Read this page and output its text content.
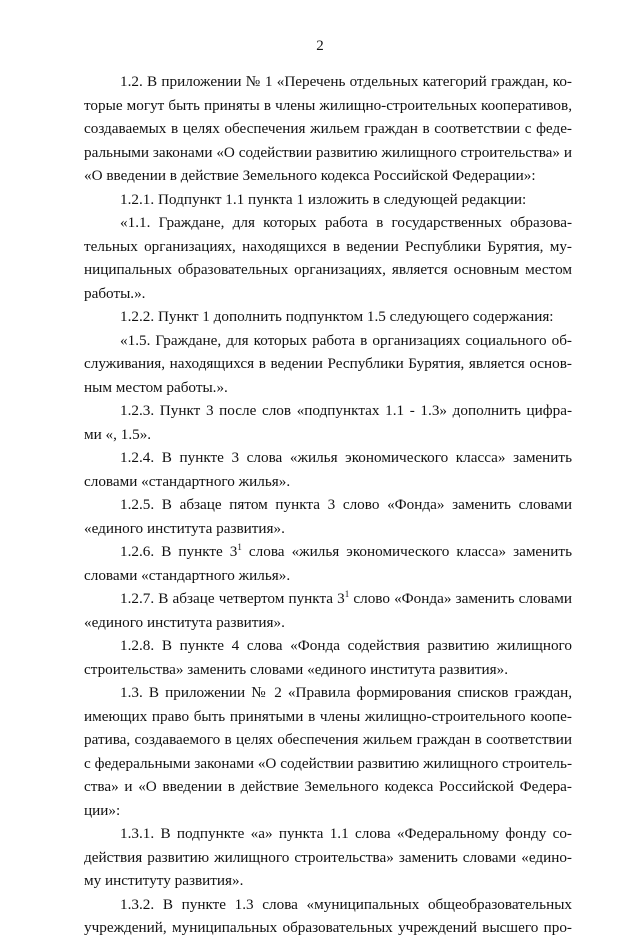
2
1.2. В приложении № 1 «Перечень отдельных категорий граждан, ко-
торые могут быть приняты в члены жилищно-строительных кооперативов,
создаваемых в целях обеспечения жильем граждан в соответствии с феде-
ральными законами «О содействии развитию жилищного строительства» и
«О введении в действие Земельного кодекса Российской Федерации»:
1.2.1. Подпункт 1.1 пункта 1 изложить в следующей редакции:
«1.1. Граждане, для которых работа в государственных образова-
тельных организациях, находящихся в ведении Республики Бурятия, му-
ниципальных образовательных организациях, является основным местом
работы.».
1.2.2. Пункт 1 дополнить подпунктом 1.5 следующего содержания:
«1.5. Граждане, для которых работа в организациях социального об-
служивания, находящихся в ведении Республики Бурятия, является основ-
ным местом работы.».
1.2.3. Пункт 3 после слов «подпунктах 1.1 - 1.3» дополнить цифра-
ми «, 1.5».
1.2.4. В пункте 3 слова «жилья экономического класса» заменить
словами «стандартного жилья».
1.2.5. В абзаце пятом пункта 3 слово «Фонда» заменить словами
«единого института развития».
1.2.6. В пункте $3^1$ слова «жилья экономического класса» заменить
словами «стандартного жилья».
1.2.7. В абзаце четвертом пункта $3^1$ слово «Фонда» заменить словами
«единого института развития».
1.2.8. В пункте 4 слова «Фонда содействия развитию жилищного
строительства» заменить словами «единого института развития».
1.3. В приложении № 2 «Правила формирования списков граждан,
имеющих право быть принятыми в члены жилищно-строительного коопе-
ратива, создаваемого в целях обеспечения жильем граждан в соответствии
с федеральными законами «О содействии развитию жилищного строитель-
ства» и «О введении в действие Земельного кодекса Российской Федера-
ции»:
1.3.1. В подпункте «а» пункта 1.1 слова «Федеральному фонду со-
действия развитию жилищного строительства» заменить словами «едино-
му институту развития».
1.3.2. В пункте 1.3 слова «муниципальных общеобразовательных
учреждений, муниципальных образовательных учреждений высшего про-
